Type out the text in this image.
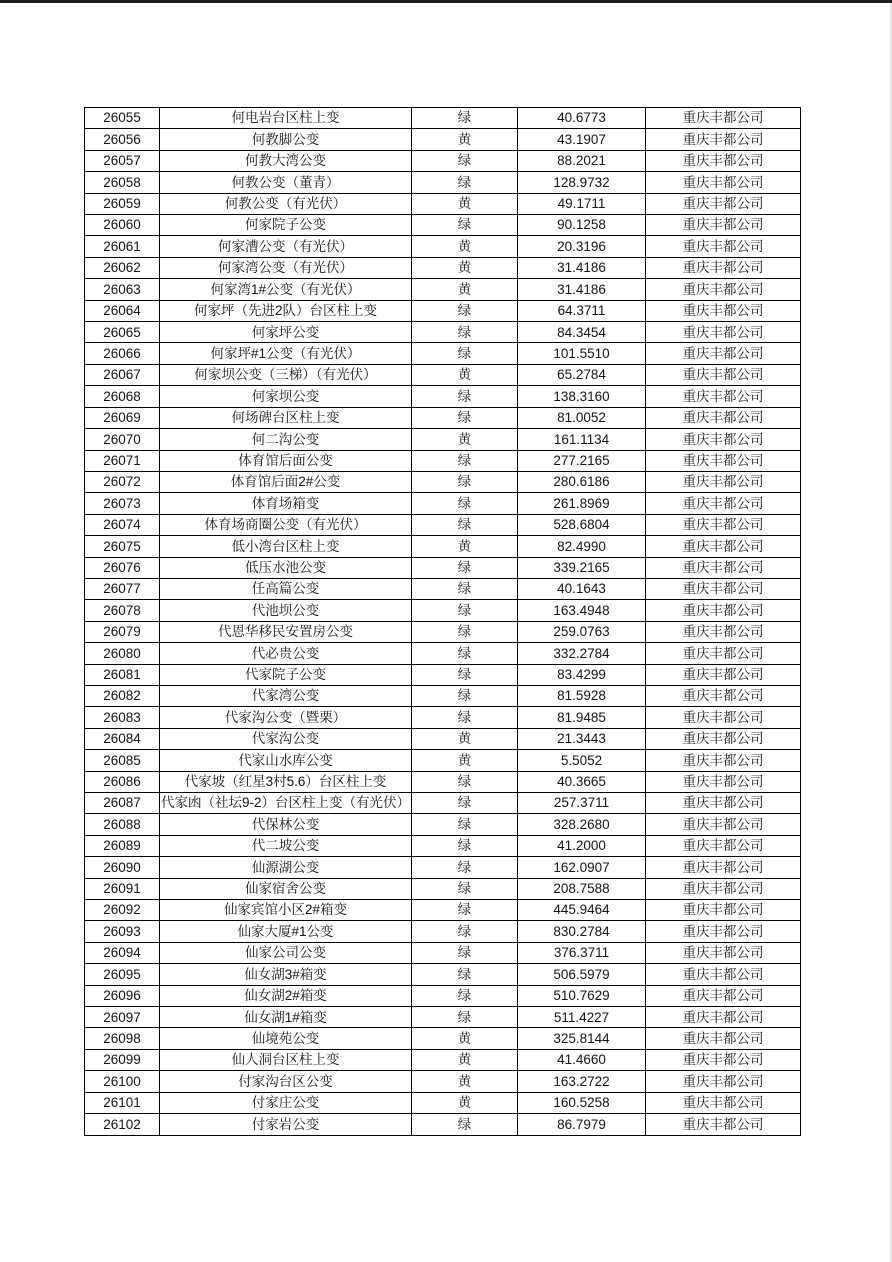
26055	何电岩台区柱上变	绿	40.6773	重庆丰都公司
26056	何教脚公变	黄	43.1907	重庆丰都公司
26057	何教大湾公变	绿	88.2021	重庆丰都公司
26058	何教公变（董青）	绿	128.9732	重庆丰都公司
26059	何教公变（有光伏）	黄	49.1711	重庆丰都公司
26060	何家院子公变	绿	90.1258	重庆丰都公司
26061	何家漕公变（有光伏）	黄	20.3196	重庆丰都公司
26062	何家湾公变（有光伏）	黄	31.4186	重庆丰都公司
26063	何家湾1#公变（有光伏）	黄	31.4186	重庆丰都公司
26064	何家坪（先进2队）台区柱上变	绿	64.3711	重庆丰都公司
26065	何家坪公变	绿	84.3454	重庆丰都公司
26066	何家坪#1公变（有光伏）	绿	101.5510	重庆丰都公司
26067	何家坝公变（三梯）（有光伏）	黄	65.2784	重庆丰都公司
26068	何家坝公变	绿	138.3160	重庆丰都公司
26069	何场碑台区柱上变	绿	81.0052	重庆丰都公司
26070	何二沟公变	黄	161.1134	重庆丰都公司
26071	体育馆后面公变	绿	277.2165	重庆丰都公司
26072	体育馆后面2#公变	绿	280.6186	重庆丰都公司
26073	体育场箱变	绿	261.8969	重庆丰都公司
26074	体育场商圈公变（有光伏）	绿	528.6804	重庆丰都公司
26075	低小湾台区柱上变	黄	82.4990	重庆丰都公司
26076	低压水池公变	绿	339.2165	重庆丰都公司
26077	任高篇公变	绿	40.1643	重庆丰都公司
26078	代池坝公变	绿	163.4948	重庆丰都公司
26079	代恩华移民安置房公变	绿	259.0763	重庆丰都公司
26080	代必贵公变	绿	332.2784	重庆丰都公司
26081	代家院子公变	绿	83.4299	重庆丰都公司
26082	代家湾公变	绿	81.5928	重庆丰都公司
26083	代家沟公变（暨栗）	绿	81.9485	重庆丰都公司
26084	代家沟公变	黄	21.3443	重庆丰都公司
26085	代家山水库公变	黄	5.5052	重庆丰都公司
26086	代家坡（红星3村5.6）台区柱上变	绿	40.3665	重庆丰都公司
26087	代家凼（社坛9-2）台区柱上变（有光伏）	绿	257.3711	重庆丰都公司
26088	代保林公变	绿	328.2680	重庆丰都公司
26089	代二坡公变	绿	41.2000	重庆丰都公司
26090	仙源湖公变	绿	162.0907	重庆丰都公司
26091	仙家宿舍公变	绿	208.7588	重庆丰都公司
26092	仙家宾馆小区2#箱变	绿	445.9464	重庆丰都公司
26093	仙家大厦#1公变	绿	830.2784	重庆丰都公司
26094	仙家公司公变	绿	376.3711	重庆丰都公司
26095	仙女湖3#箱变	绿	506.5979	重庆丰都公司
26096	仙女湖2#箱变	绿	510.7629	重庆丰都公司
26097	仙女湖1#箱变	绿	511.4227	重庆丰都公司
26098	仙境苑公变	黄	325.8144	重庆丰都公司
26099	仙人洞台区柱上变	黄	41.4660	重庆丰都公司
26100	付家沟台区公变	黄	163.2722	重庆丰都公司
26101	付家庄公变	黄	160.5258	重庆丰都公司
26102	付家岩公变	绿	86.7979	重庆丰都公司
